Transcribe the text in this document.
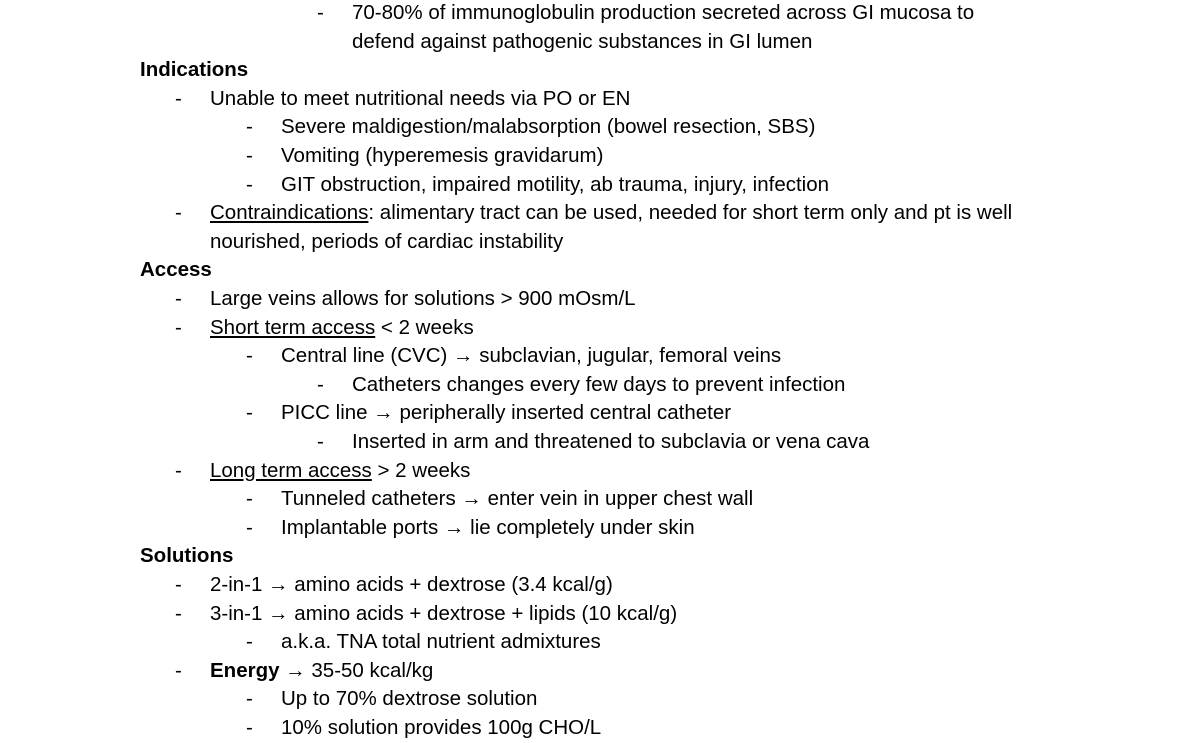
- 70-80% of immunoglobulin production secreted across GI mucosa to
defend against pathogenic substances in GI lumen
Indications
- Unable to meet nutritional needs via PO or EN
- Severe maldigestion/malabsorption (bowel resection, SBS)
- Vomiting (hyperemesis gravidarum)
- GIT obstruction, impaired motility, ab trauma, injury, infection
- Contraindications: alimentary tract can be used, needed for short term only and pt is well
nourished, periods of cardiac instability
Access
- Large veins allows for solutions > 900 mOsm/L
- Short term access < 2 weeks
- Central line (CVC) → subclavian, jugular, femoral veins
- Catheters changes every few days to prevent infection
- PICC line → peripherally inserted central catheter
- Inserted in arm and threatened to subclavia or vena cava
- Long term access > 2 weeks
- Tunneled catheters → enter vein in upper chest wall
- Implantable ports → lie completely under skin
Solutions
- 2-in-1 → amino acids + dextrose (3.4 kcal/g)
- 3-in-1 → amino acids + dextrose + lipids (10 kcal/g)
- a.k.a. TNA total nutrient admixtures
- Energy → 35-50 kcal/kg
- Up to 70% dextrose solution
- 10% solution provides 100g CHO/L
